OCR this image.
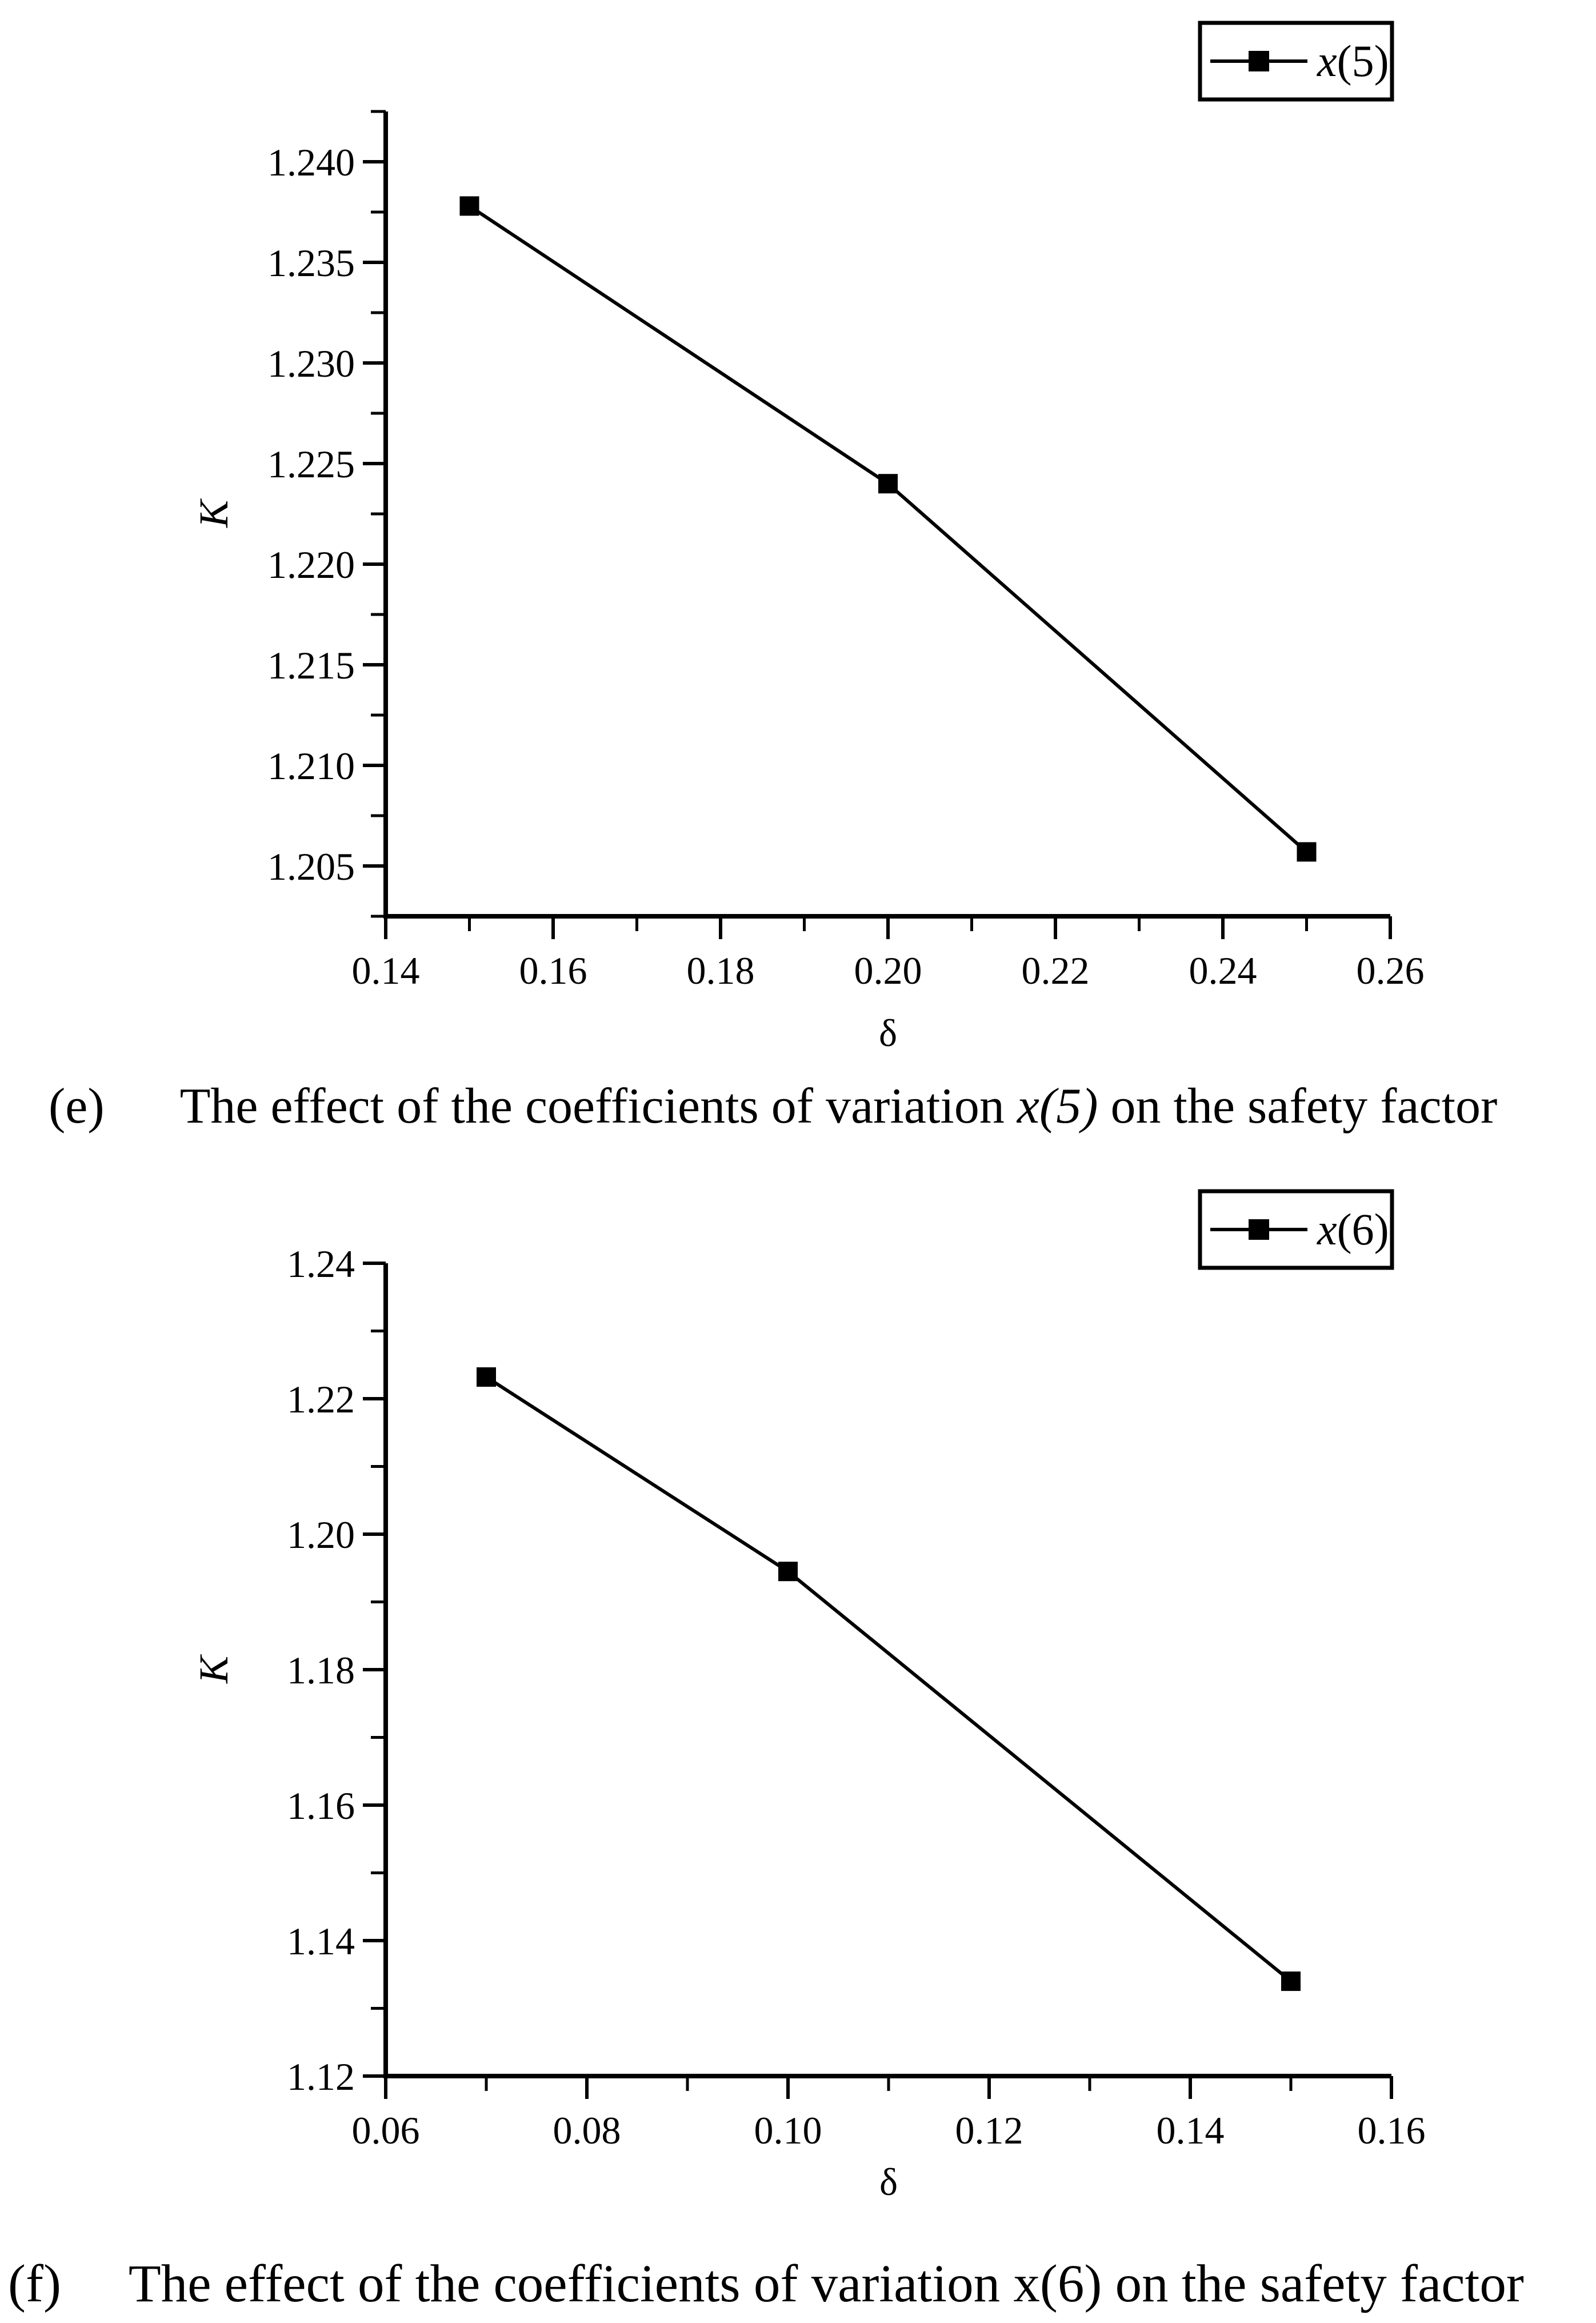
0.14	0.16	0.18	0.20	0.22	0.24	0.26
1.205
1.210
1.215
1.220
1.225
1.230
1.235
1.240
δ
K
x(5)
(e) The effect of the coefficients of variation x(5) on the safety factor
0.06	0.08	0.10	0.12	0.14	0.16
1.12
1.14
1.16
1.18
1.20
1.22
1.24
δ
K
x(6)
(f) The effect of the coefficients of variation x(6) on the safety factor
